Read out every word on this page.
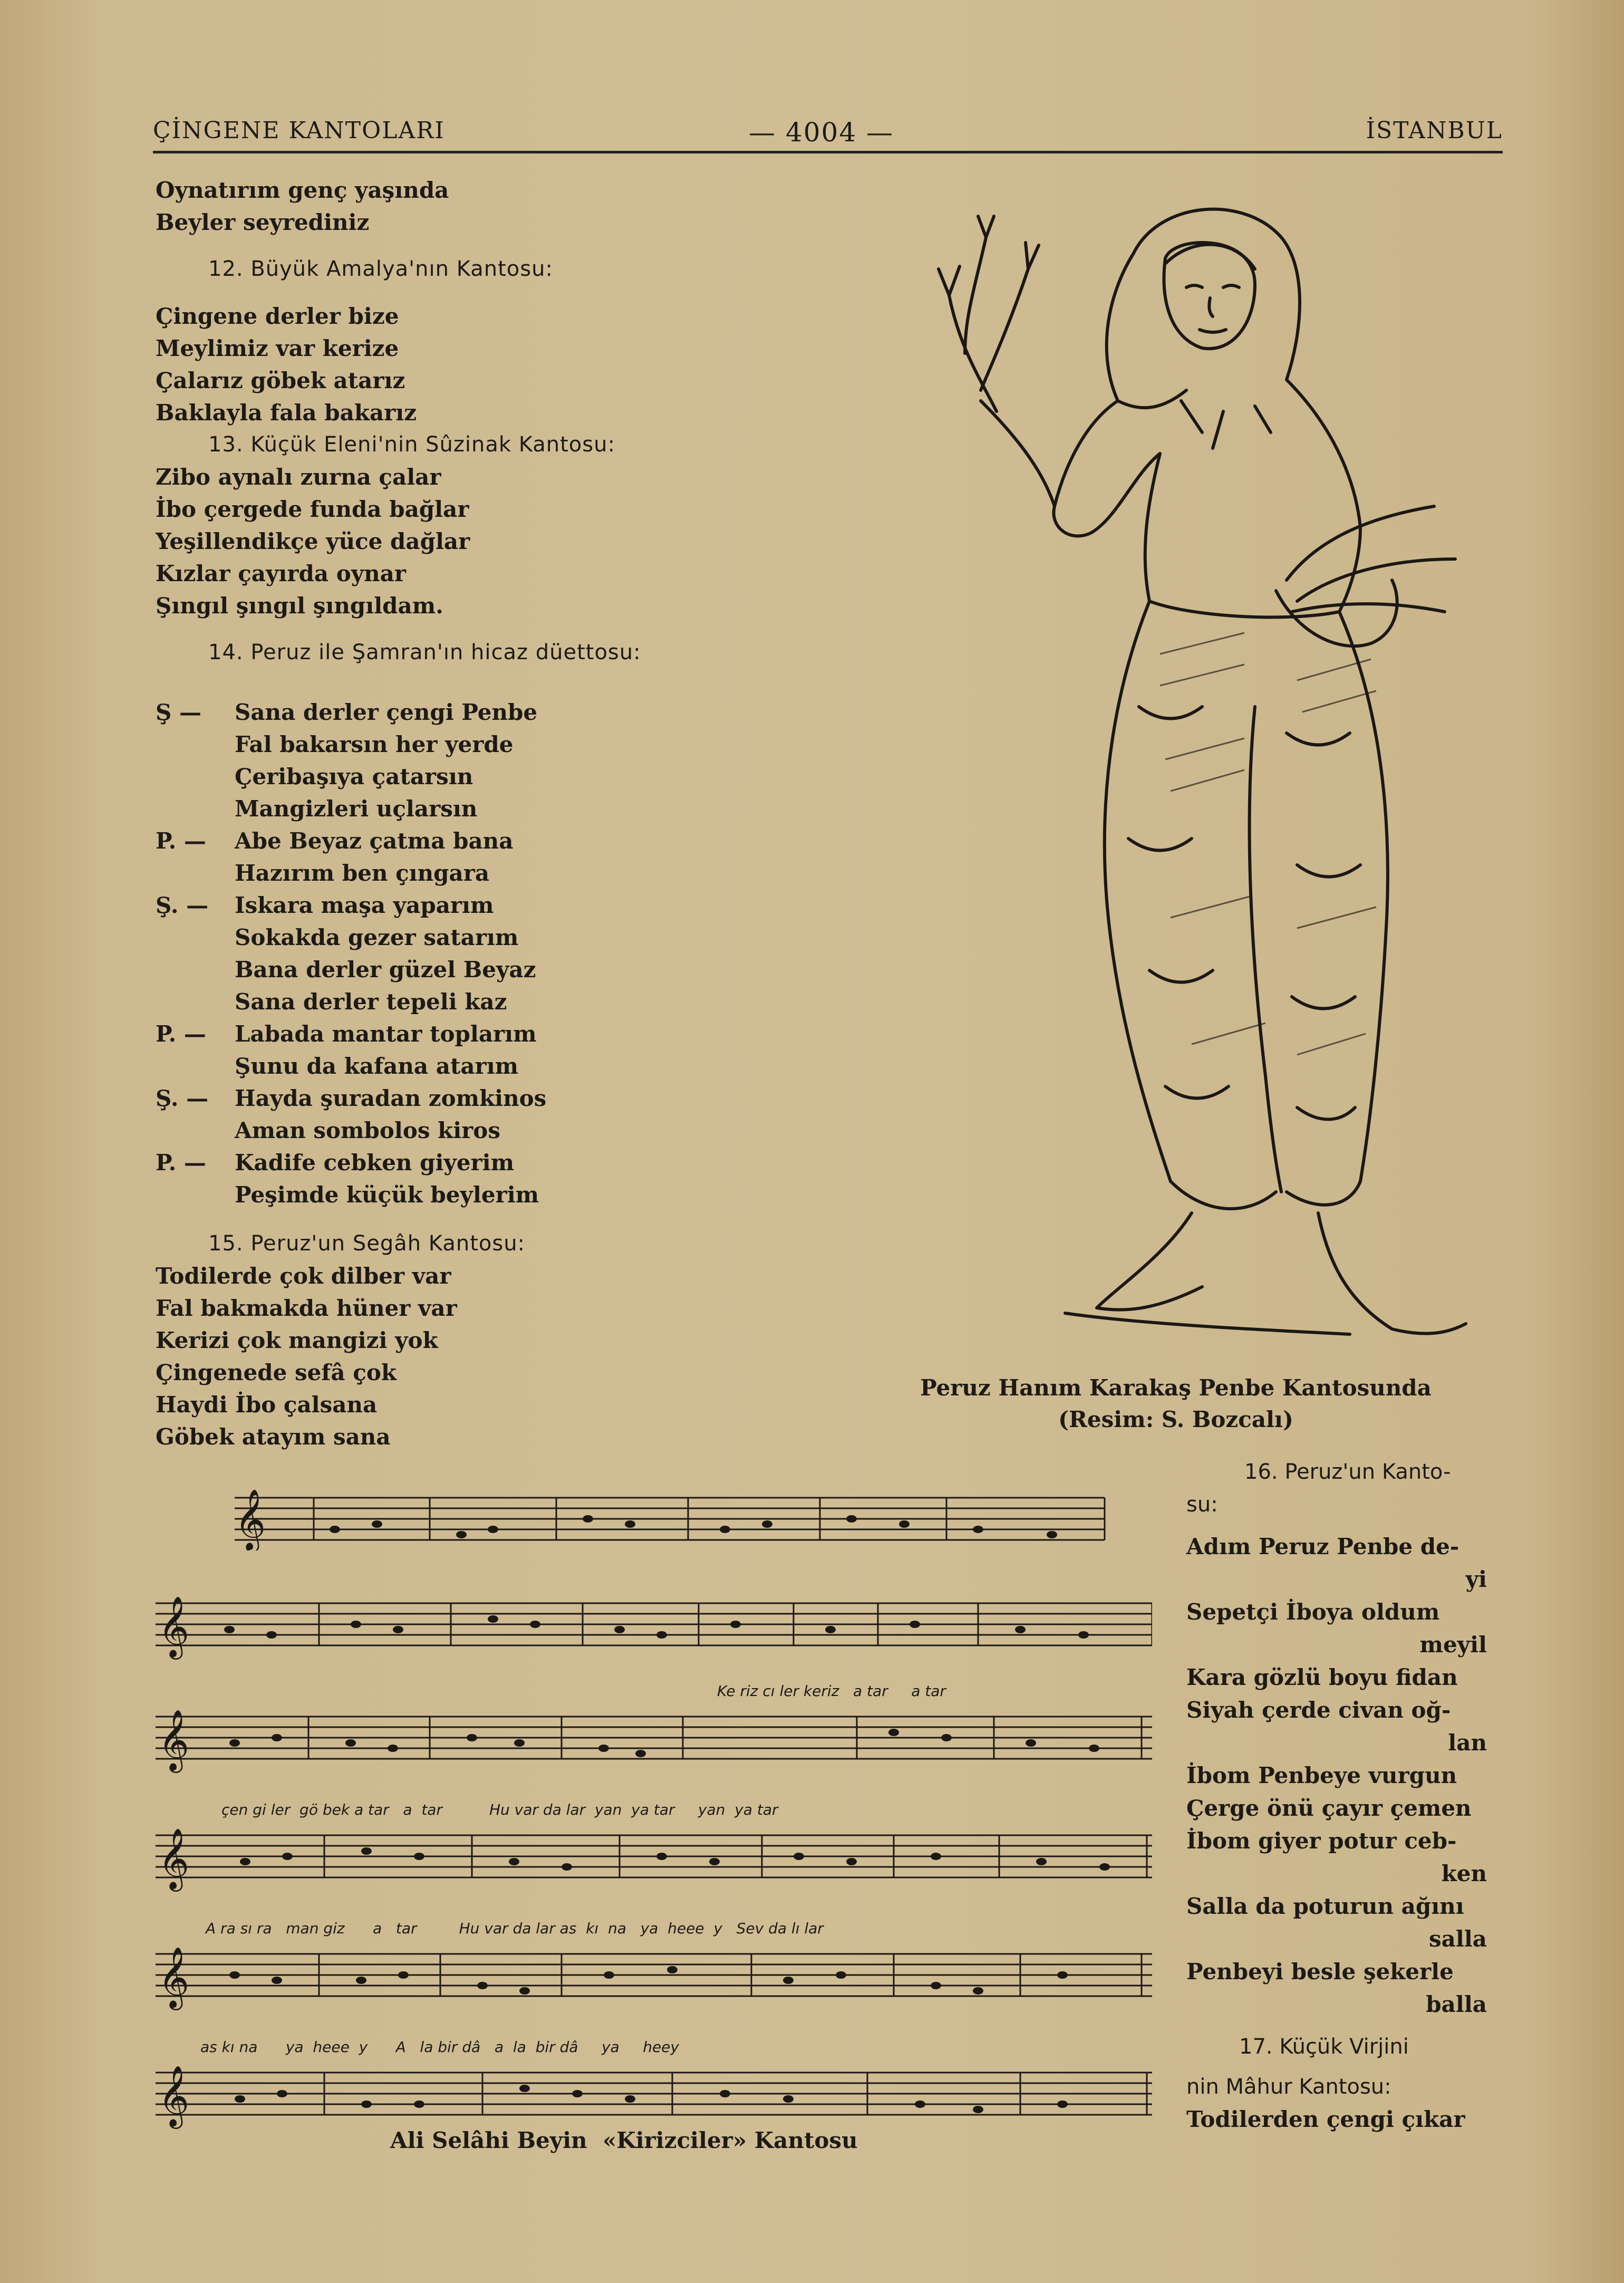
ÇİNGENE KANTOLARI	— 4004 —	İSTANBUL
Oynatırım genç yaşında
Beyler seyrediniz
12. Büyük Amalya'nın Kantosu:
Çingene derler bize
Meylimiz var kerize
Çalarız göbek atarız
Baklayla fala bakarız
13. Küçük Eleni'nin Sûzinak Kantosu:
Zibo aynalı zurna çalar
İbo çergede funda bağlar
Yeşillendikçe yüce dağlar
Kızlar çayırda oynar
Şıngıl şıngıl şıngıldam.
14. Peruz ile Şamran'ın hicaz düettosu:
Ş — Sana derler çengi Penbe
Fal bakarsın her yerde
Çeribaşıya çatarsın
Mangizleri uçlarsın
P. — Abe Beyaz çatma bana
Hazırım ben çıngara
Ş. — Iskara maşa yaparım
Sokakda gezer satarım
Bana derler güzel Beyaz
Sana derler tepeli kaz
P. — Labada mantar toplarım
Şunu da kafana atarım
Ş. — Hayda şuradan zomkinos
Aman sombolos kiros
P. — Kadife cebken giyerim
Peşimde küçük beylerim
15. Peruz'un Segâh Kantosu:
Todilerde çok dilber var
Fal bakmakda hüner var
Kerizi çok mangizi yok
Çingenede sefâ çok
Haydi İbo çalsana
Göbek atayım sana
Peruz Hanım Karakaş Penbe Kantosunda
(Resim: S. Bozcalı)
16. Peruz'un Kanto-
su:
Adım Peruz Penbe de-
yi
Sepetçi İboya oldum
meyil
Kara gözlü boyu fidan
Siyah çerde civan oğ-
lan
İbom Penbeye vurgun
Çerge önü çayır çemen
İbom giyer potur ceb-
ken
Salla da poturun ağını
salla
Penbeyi besle şekerle
balla
17. Küçük Virjini
nin Mâhur Kantosu:
Todilerden çengi çıkar
𝄞
𝄞
Ke riz cı ler keriz   a tar     a tar
𝄞
çen gi ler  gö bek a tar   a  tar          Hu var da lar  yan  ya tar     yan  ya tar
𝄞
A ra sı ra   man giz      a   tar         Hu var da lar as  kı  na   ya  heee  y   Sev da lı lar
𝄞
as kı na      ya  heee  y      A   la bir dâ   a  la  bir dâ     ya     heey
𝄞
Ali Selâhi Beyin  «Kirizciler» Kantosu
